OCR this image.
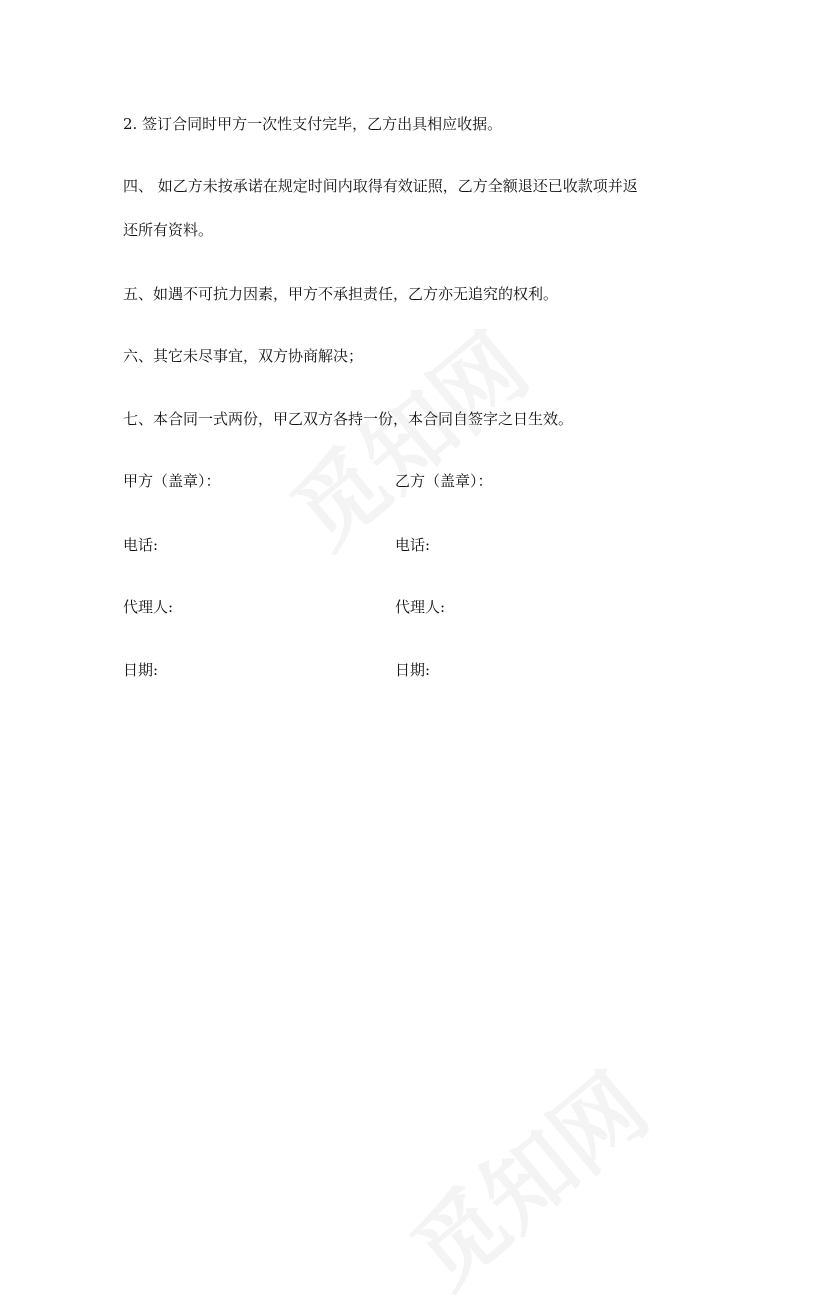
2. 签订合同时甲方一次性支付完毕，乙方出具相应收据。
四、 如乙方未按承诺在规定时间内取得有效证照，乙方全额退还已收款项并返
还所有资料。
五、如遇不可抗力因素，甲方不承担责任，乙方亦无追究的权利。
六、其它未尽事宜，双方协商解决；
七、本合同一式两份，甲乙双方各持一份，本合同自签字之日生效。
甲方（盖章）：	乙方（盖章）：
电话:	电话:
代理人:	代理人:
日期:	日期:
